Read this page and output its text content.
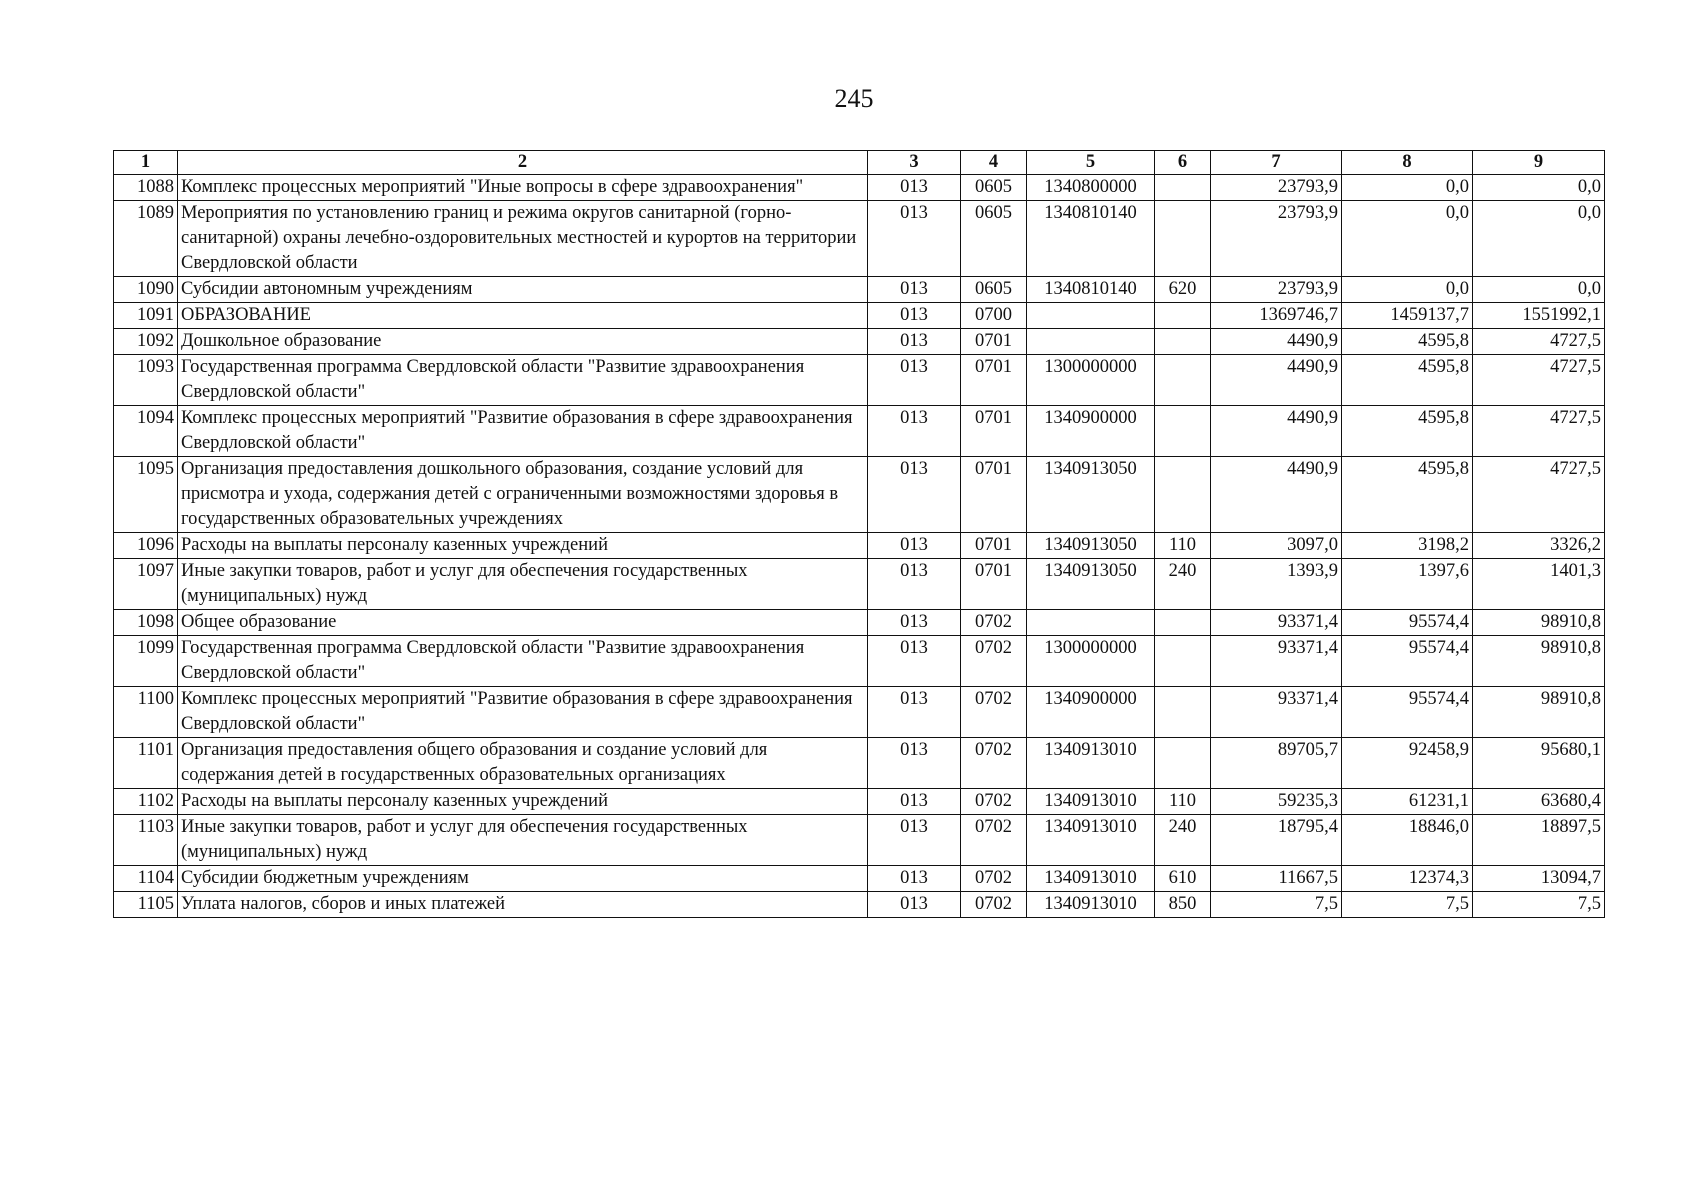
245
1	2	3	4	5	6	7	8	9
1088	Комплекс процессных мероприятий "Иные вопросы в сфере здравоохранения"	013	0605	1340800000		23793,9	0,0	0,0
1089	Мероприятия по установлению границ и режима округов санитарной (горно-санитарной) охраны лечебно-оздоровительных местностей и курортов на территории Свердловской области	013	0605	1340810140		23793,9	0,0	0,0
1090	Субсидии автономным учреждениям	013	0605	1340810140	620	23793,9	0,0	0,0
1091	ОБРАЗОВАНИЕ	013	0700			1369746,7	1459137,7	1551992,1
1092	Дошкольное образование	013	0701			4490,9	4595,8	4727,5
1093	Государственная программа Свердловской области "Развитие здравоохранения Свердловской области"	013	0701	1300000000		4490,9	4595,8	4727,5
1094	Комплекс процессных мероприятий "Развитие образования в сфере здравоохранения Свердловской области"	013	0701	1340900000		4490,9	4595,8	4727,5
1095	Организация предоставления дошкольного образования, создание условий для присмотра и ухода, содержания детей с ограниченными возможностями здоровья в государственных образовательных учреждениях	013	0701	1340913050		4490,9	4595,8	4727,5
1096	Расходы на выплаты персоналу казенных учреждений	013	0701	1340913050	110	3097,0	3198,2	3326,2
1097	Иные закупки товаров, работ и услуг для обеспечения государственных (муниципальных) нужд	013	0701	1340913050	240	1393,9	1397,6	1401,3
1098	Общее образование	013	0702			93371,4	95574,4	98910,8
1099	Государственная программа Свердловской области "Развитие здравоохранения Свердловской области"	013	0702	1300000000		93371,4	95574,4	98910,8
1100	Комплекс процессных мероприятий "Развитие образования в сфере здравоохранения Свердловской области"	013	0702	1340900000		93371,4	95574,4	98910,8
1101	Организация предоставления общего образования и создание условий для содержания детей в государственных образовательных организациях	013	0702	1340913010		89705,7	92458,9	95680,1
1102	Расходы на выплаты персоналу казенных учреждений	013	0702	1340913010	110	59235,3	61231,1	63680,4
1103	Иные закупки товаров, работ и услуг для обеспечения государственных (муниципальных) нужд	013	0702	1340913010	240	18795,4	18846,0	18897,5
1104	Субсидии бюджетным учреждениям	013	0702	1340913010	610	11667,5	12374,3	13094,7
1105	Уплата налогов, сборов и иных платежей	013	0702	1340913010	850	7,5	7,5	7,5
